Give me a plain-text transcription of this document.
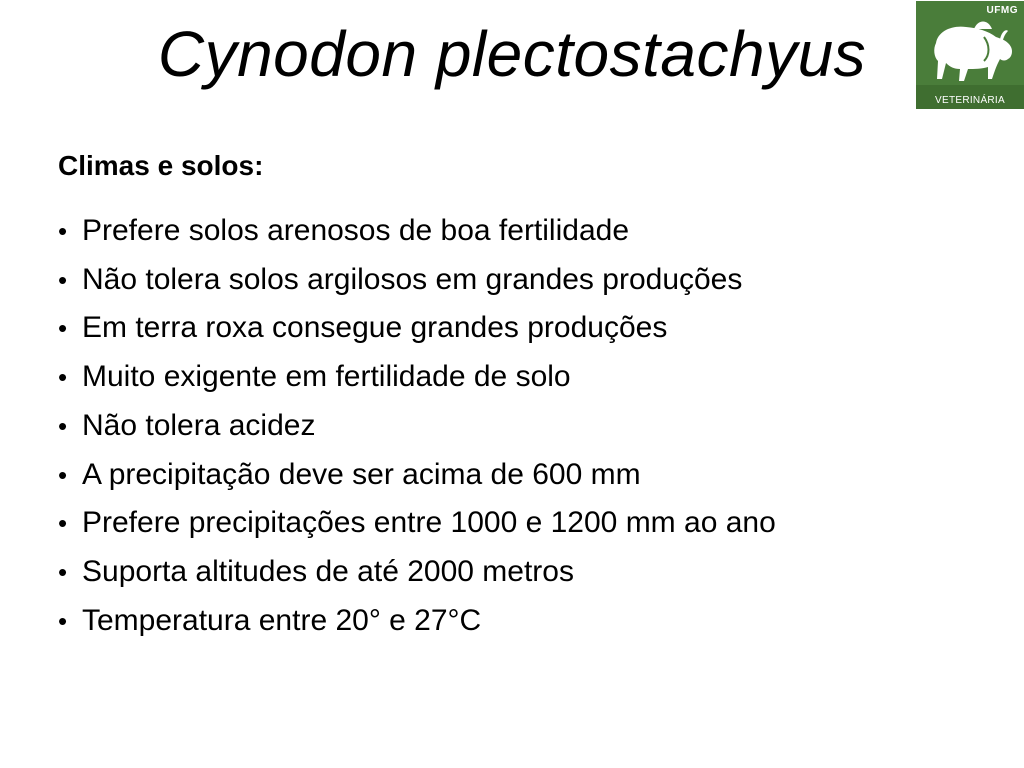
Cynodon plectostachyus
UFMG
VETERINÁRIA
Climas e solos:
• Prefere solos arenosos de boa fertilidade
• Não tolera solos argilosos em grandes produções
• Em terra roxa consegue grandes produções
• Muito exigente em fertilidade de solo
• Não tolera acidez
• A precipitação deve ser acima de 600 mm
• Prefere precipitações entre 1000 e 1200 mm ao ano
• Suporta altitudes de até 2000 metros
• Temperatura entre 20° e 27°C
